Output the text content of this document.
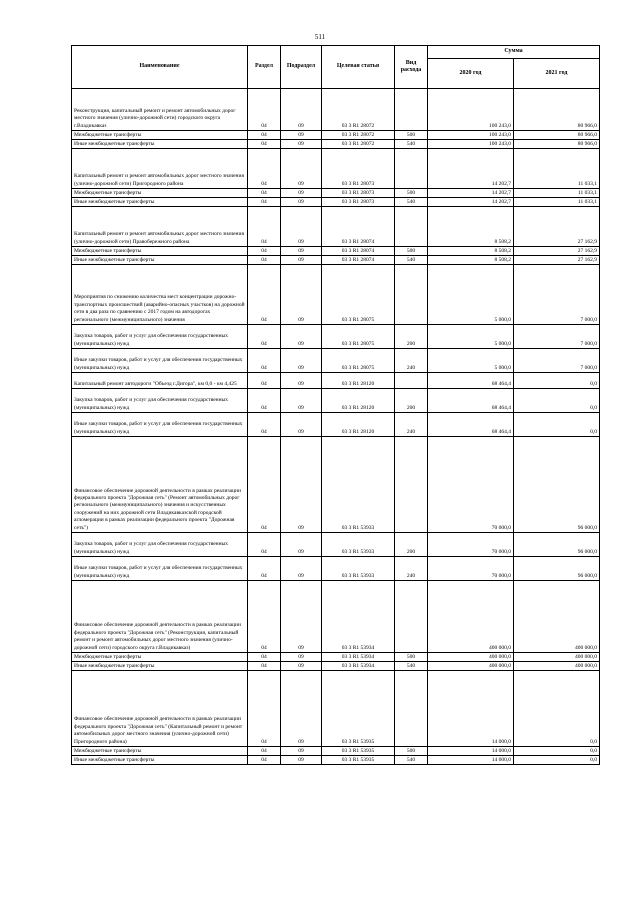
511
Наименование	Раздел	Подраздел	Целевая статья	Вид расхода	Сумма	
					2020 год	2021 год
Реконструкция, капитальный ремонт и ремонт автомобильных дорог местного значения (улично-дорожной сети) городского округа г.Владикавказ	04	09	03 3 R1 28072		100 243,0	80 966,0
Межбюджетные трансферты	04	09	03 3 R1 28072	500	100 243,0	80 966,0
Иные межбюджетные трансферты	04	09	03 3 R1 28072	540	100 243,0	80 966,0
Капитальный ремонт и ремонт автомобильных дорог местного значения (улично-дорожной сети) Пригородного района	04	09	03 3 R1 28073		14 202,7	11 033,1
Межбюджетные трансферты	04	09	03 3 R1 28073	500	14 202,7	11 033,1
Иные межбюджетные трансферты	04	09	03 3 R1 28073	540	14 202,7	11 033,1
Капитальный ремонт и ремонт автомобильных дорог местного значения (улично-дорожной сети) Правобережного района	04	09	03 3 R1 28074		8 508,2	27 162,9
Межбюджетные трансферты	04	09	03 3 R1 28074	500	8 508,2	27 162,9
Иные межбюджетные трансферты	04	09	03 3 R1 28074	540	8 508,2	27 162,9
Мероприятия по снижению количества мест концентрации дорожно-транспортных происшествий (аварийно-опасных участков) на дорожной сети в два раза по сравнению с 2017 годом на автодорогах регионального (межмуниципального) значения	04	09	03 3 R1 28075		5 000,0	7 000,0
Закупка товаров, работ и услуг для обеспечения государственных (муниципальных) нужд	04	09	03 3 R1 28075	200	5 000,0	7 000,0
Иные закупки товаров, работ и услуг для обеспечения государственных (муниципальных) нужд	04	09	03 3 R1 28075	240	5 000,0	7 000,0
Капитальный ремонт автодороги "Объезд г.Дигора", км 0,0 - км 4,425	04	09	03 3 R1 28120		68 464,4	0,0
Закупка товаров, работ и услуг для обеспечения государственных (муниципальных) нужд	04	09	03 3 R1 28120	200	68 464,4	0,0
Иные закупки товаров, работ и услуг для обеспечения государственных (муниципальных) нужд	04	09	03 3 R1 28120	240	68 464,4	0,0
Финансовое обеспечение дорожной деятельности в рамках реализации федерального проекта "Дорожная сеть" (Ремонт автомобильных дорог регионального (межмуниципального) значения и искусственных сооружений на них дорожной сети Владикавказской городской агломерации в рамках реализации федерального проекта "Дорожная сеть")	04	09	03 3 R1 53933		70 000,0	96 000,0
Закупка товаров, работ и услуг для обеспечения государственных (муниципальных) нужд	04	09	03 3 R1 53933	200	70 000,0	96 000,0
Иные закупки товаров, работ и услуг для обеспечения государственных (муниципальных) нужд	04	09	03 3 R1 53933	240	70 000,0	96 000,0
Финансовое обеспечение дорожной деятельности в рамках реализации федерального проекта "Дорожная сеть" (Реконструкция, капитальный ремонт и ремонт автомобильных дорог местного значения (улично-дорожной сети) городского округа г.Владикавказ)	04	09	03 3 R1 53934		400 000,0	400 000,0
Межбюджетные трансферты	04	09	03 3 R1 53934	500	400 000,0	400 000,0
Иные межбюджетные трансферты	04	09	03 3 R1 53934	540	400 000,0	400 000,0
Финансовое обеспечение дорожной деятельности в рамках реализации федерального проекта "Дорожная сеть" (Капитальный ремонт и ремонт автомобильных дорог местного значения (улично-дорожной сети) Пригородного района)	04	09	03 3 R1 53935		14 000,0	0,0
Межбюджетные трансферты	04	09	03 3 R1 53935	500	14 000,0	0,0
Иные межбюджетные трансферты	04	09	03 3 R1 53935	540	14 000,0	0,0
